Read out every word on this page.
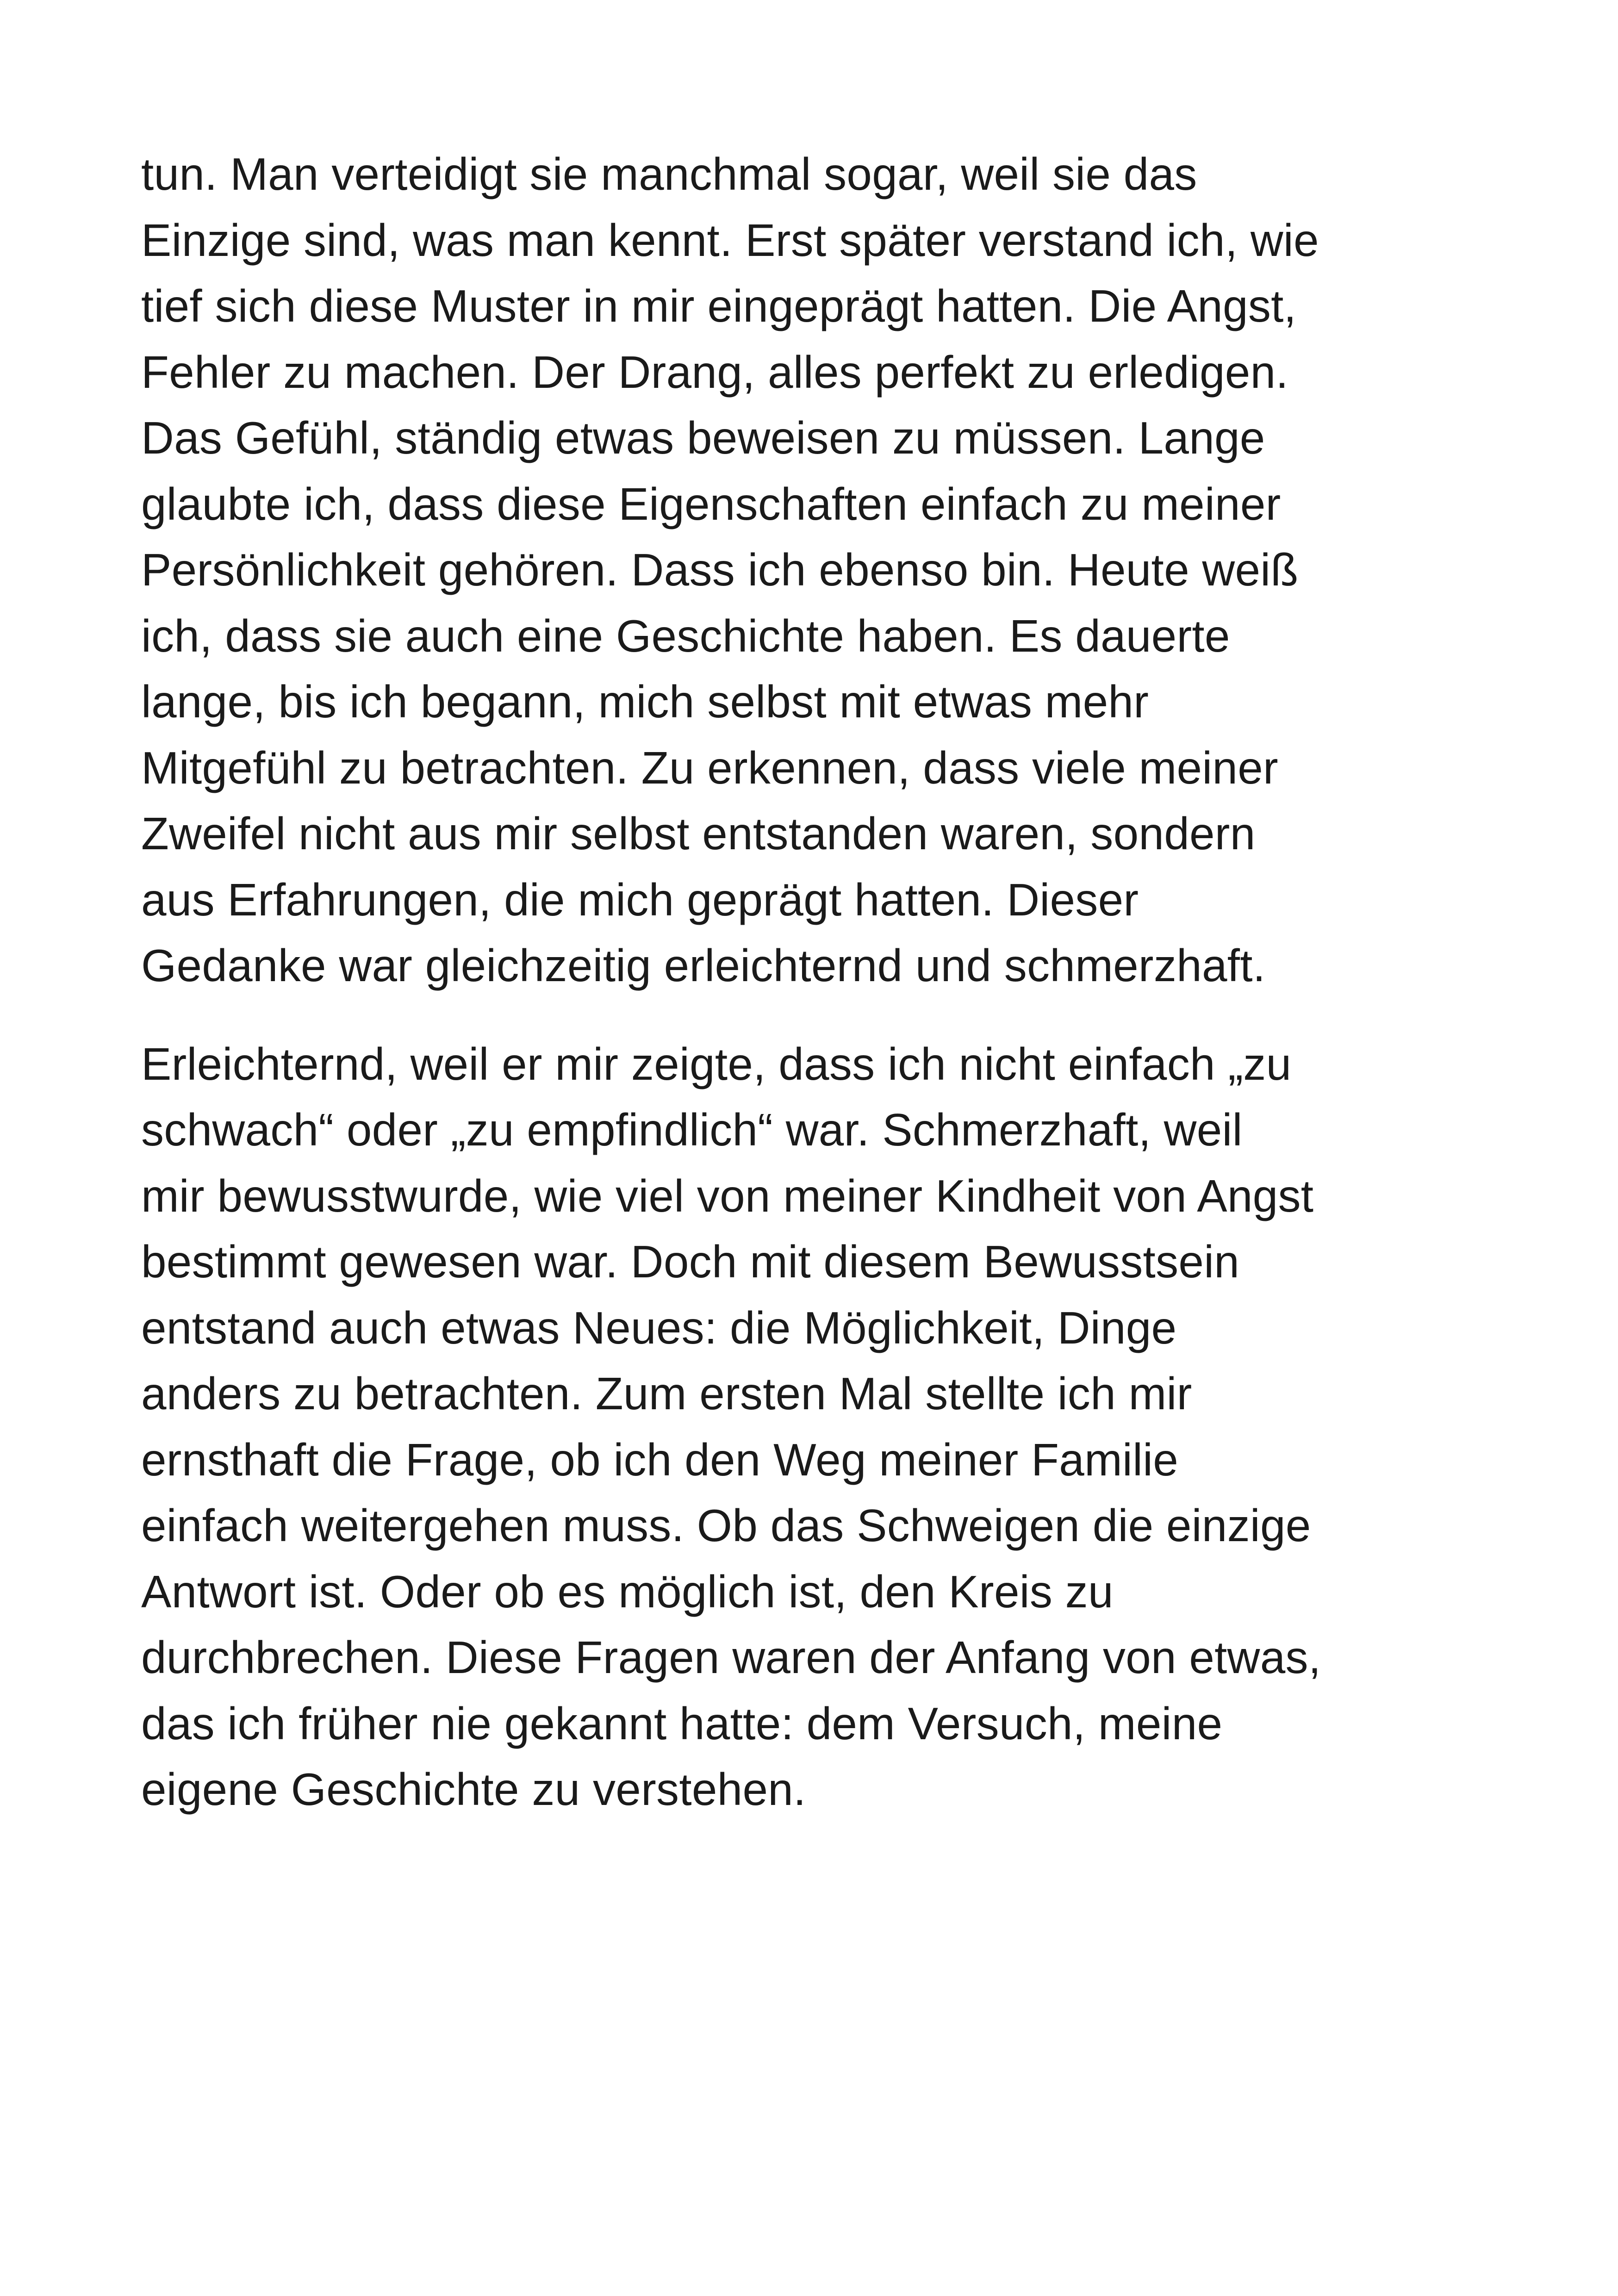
tun. Man verteidigt sie manchmal sogar, weil sie das
Einzige sind, was man kennt. Erst später verstand ich, wie
tief sich diese Muster in mir eingeprägt hatten. Die Angst,
Fehler zu machen. Der Drang, alles perfekt zu erledigen.
Das Gefühl, ständig etwas beweisen zu müssen. Lange
glaubte ich, dass diese Eigenschaften einfach zu meiner
Persönlichkeit gehören. Dass ich ebenso bin. Heute weiß
ich, dass sie auch eine Geschichte haben. Es dauerte
lange, bis ich begann, mich selbst mit etwas mehr
Mitgefühl zu betrachten. Zu erkennen, dass viele meiner
Zweifel nicht aus mir selbst entstanden waren, sondern
aus Erfahrungen, die mich geprägt hatten. Dieser
Gedanke war gleichzeitig erleichternd und schmerzhaft.
Erleichternd, weil er mir zeigte, dass ich nicht einfach „zu
schwach“ oder „zu empfindlich“ war. Schmerzhaft, weil
mir bewusstwurde, wie viel von meiner Kindheit von Angst
bestimmt gewesen war. Doch mit diesem Bewusstsein
entstand auch etwas Neues: die Möglichkeit, Dinge
anders zu betrachten. Zum ersten Mal stellte ich mir
ernsthaft die Frage, ob ich den Weg meiner Familie
einfach weitergehen muss. Ob das Schweigen die einzige
Antwort ist. Oder ob es möglich ist, den Kreis zu
durchbrechen. Diese Fragen waren der Anfang von etwas,
das ich früher nie gekannt hatte: dem Versuch, meine
eigene Geschichte zu verstehen.
